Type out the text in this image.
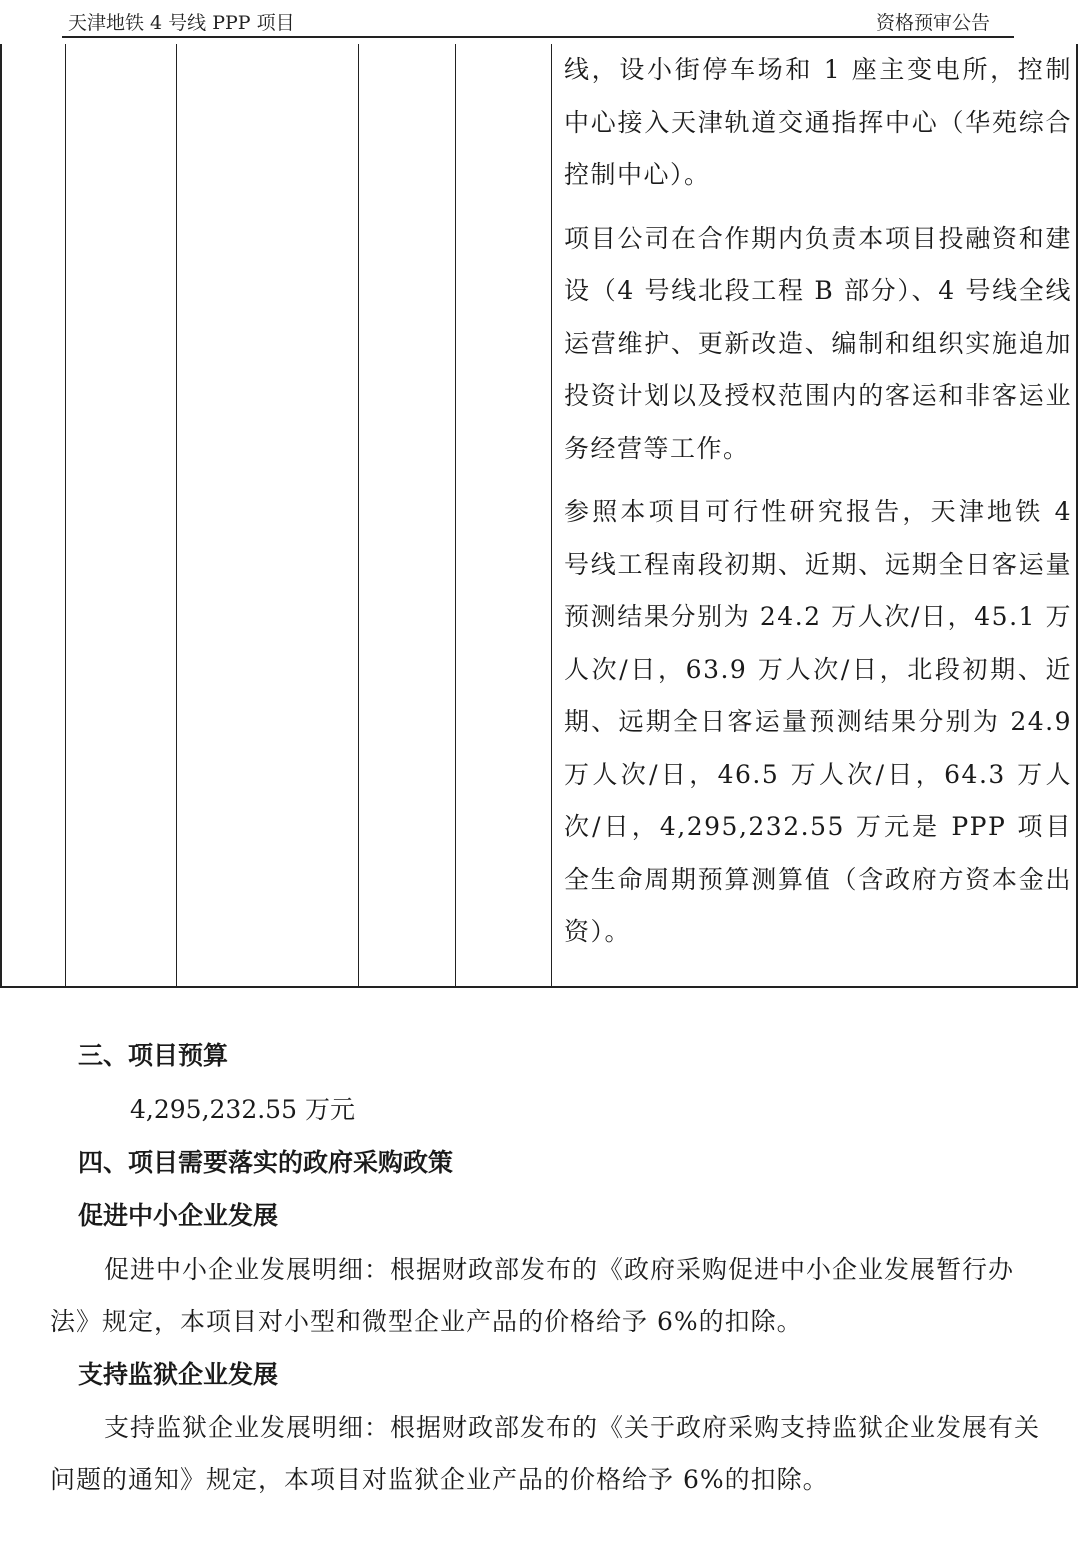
天津地铁 4 号线 PPP 项目	资格预审公告

线，设小街停车场和 1 座主变电所，控制中心接入天津轨道交通指挥中心（华苑综合控制中心）。

项目公司在合作期内负责本项目投融资和建设（4 号线北段工程 B 部分）、4 号线全线运营维护、更新改造、编制和组织实施追加投资计划以及授权范围内的客运和非客运业务经营等工作。

参照本项目可行性研究报告，天津地铁 4 号线工程南段初期、近期、远期全日客运量预测结果分别为 24.2 万人次/日，45.1 万人次/日，63.9 万人次/日，北段初期、近期、远期全日客运量预测结果分别为 24.9 万人次/日，46.5 万人次/日，64.3 万人次/日，4,295,232.55 万元是 PPP 项目全生命周期预算测算值（含政府方资本金出资）。

三、项目预算
4,295,232.55 万元
四、项目需要落实的政府采购政策
促进中小企业发展
促进中小企业发展明细：根据财政部发布的《政府采购促进中小企业发展暂行办法》规定，本项目对小型和微型企业产品的价格给予 6%的扣除。
支持监狱企业发展
支持监狱企业发展明细：根据财政部发布的《关于政府采购支持监狱企业发展有关问题的通知》规定，本项目对监狱企业产品的价格给予 6%的扣除。
